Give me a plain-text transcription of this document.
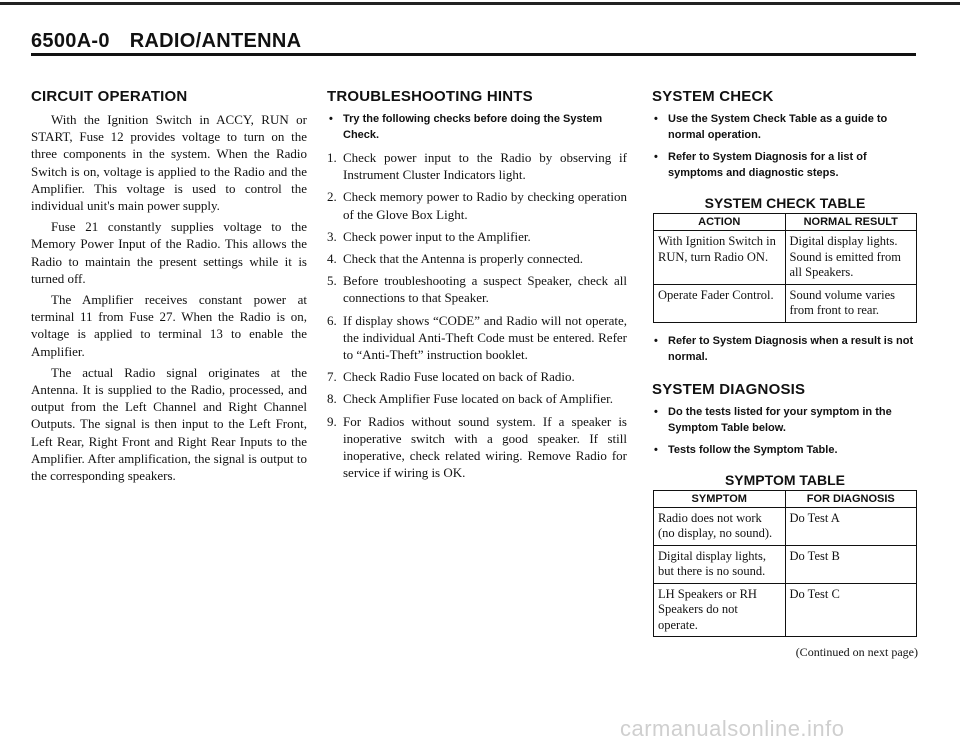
6500A-0 RADIO/ANTENNA
CIRCUIT OPERATION

With the Ignition Switch in ACCY, RUN or START, Fuse 12 provides voltage to turn on the three components in the system. When the Radio Switch is on, voltage is applied to the Radio and the Amplifier. This voltage is used to control the individual unit's main power supply.

Fuse 21 constantly supplies voltage to the Memory Power Input of the Radio. This allows the Radio to maintain the present settings while it is turned off.

The Amplifier receives constant power at terminal 11 from Fuse 27. When the Radio is on, voltage is applied to terminal 13 to enable the Amplifier.

The actual Radio signal originates at the Antenna. It is supplied to the Radio, processed, and output from the Left Channel and Right Channel Outputs. The signal is then input to the Left Front, Left Rear, Right Front and Right Rear Inputs to the Amplifier. After amplification, the signal is output to the corresponding speakers.

TROUBLESHOOTING HINTS

• Try the following checks before doing the System Check.

1. Check power input to the Radio by observing if Instrument Cluster Indicators light.
2. Check memory power to Radio by checking operation of the Glove Box Light.
3. Check power input to the Amplifier.
4. Check that the Antenna is properly connected.
5. Before troubleshooting a suspect Speaker, check all connections to that Speaker.
6. If display shows “CODE” and Radio will not operate, the individual Anti-Theft Code must be entered. Refer to “Anti-Theft” instruction booklet.
7. Check Radio Fuse located on back of Radio.
8. Check Amplifier Fuse located on back of Amplifier.
9. For Radios without sound system. If a speaker is inoperative switch with a good speaker. If still inoperative, check related wiring. Remove Radio for service if wiring is OK.
SYSTEM CHECK

• Use the System Check Table as a guide to normal operation.

• Refer to System Diagnosis for a list of symptoms and diagnostic steps.

SYSTEM CHECK TABLE
ACTION	NORMAL RESULT
With Ignition Switch in RUN, turn Radio ON.	Digital display lights. Sound is emitted from all Speakers.
Operate Fader Control.	Sound volume varies from front to rear.

• Refer to System Diagnosis when a result is not normal.

SYSTEM DIAGNOSIS

• Do the tests listed for your symptom in the Symptom Table below.

• Tests follow the Symptom Table.

SYMPTOM TABLE
SYMPTOM	FOR DIAGNOSIS
Radio does not work (no display, no sound).	Do Test A
Digital display lights, but there is no sound.	Do Test B
LH Speakers or RH Speakers do not operate.	Do Test C
(Continued on next page)
carmanualsonline.info
